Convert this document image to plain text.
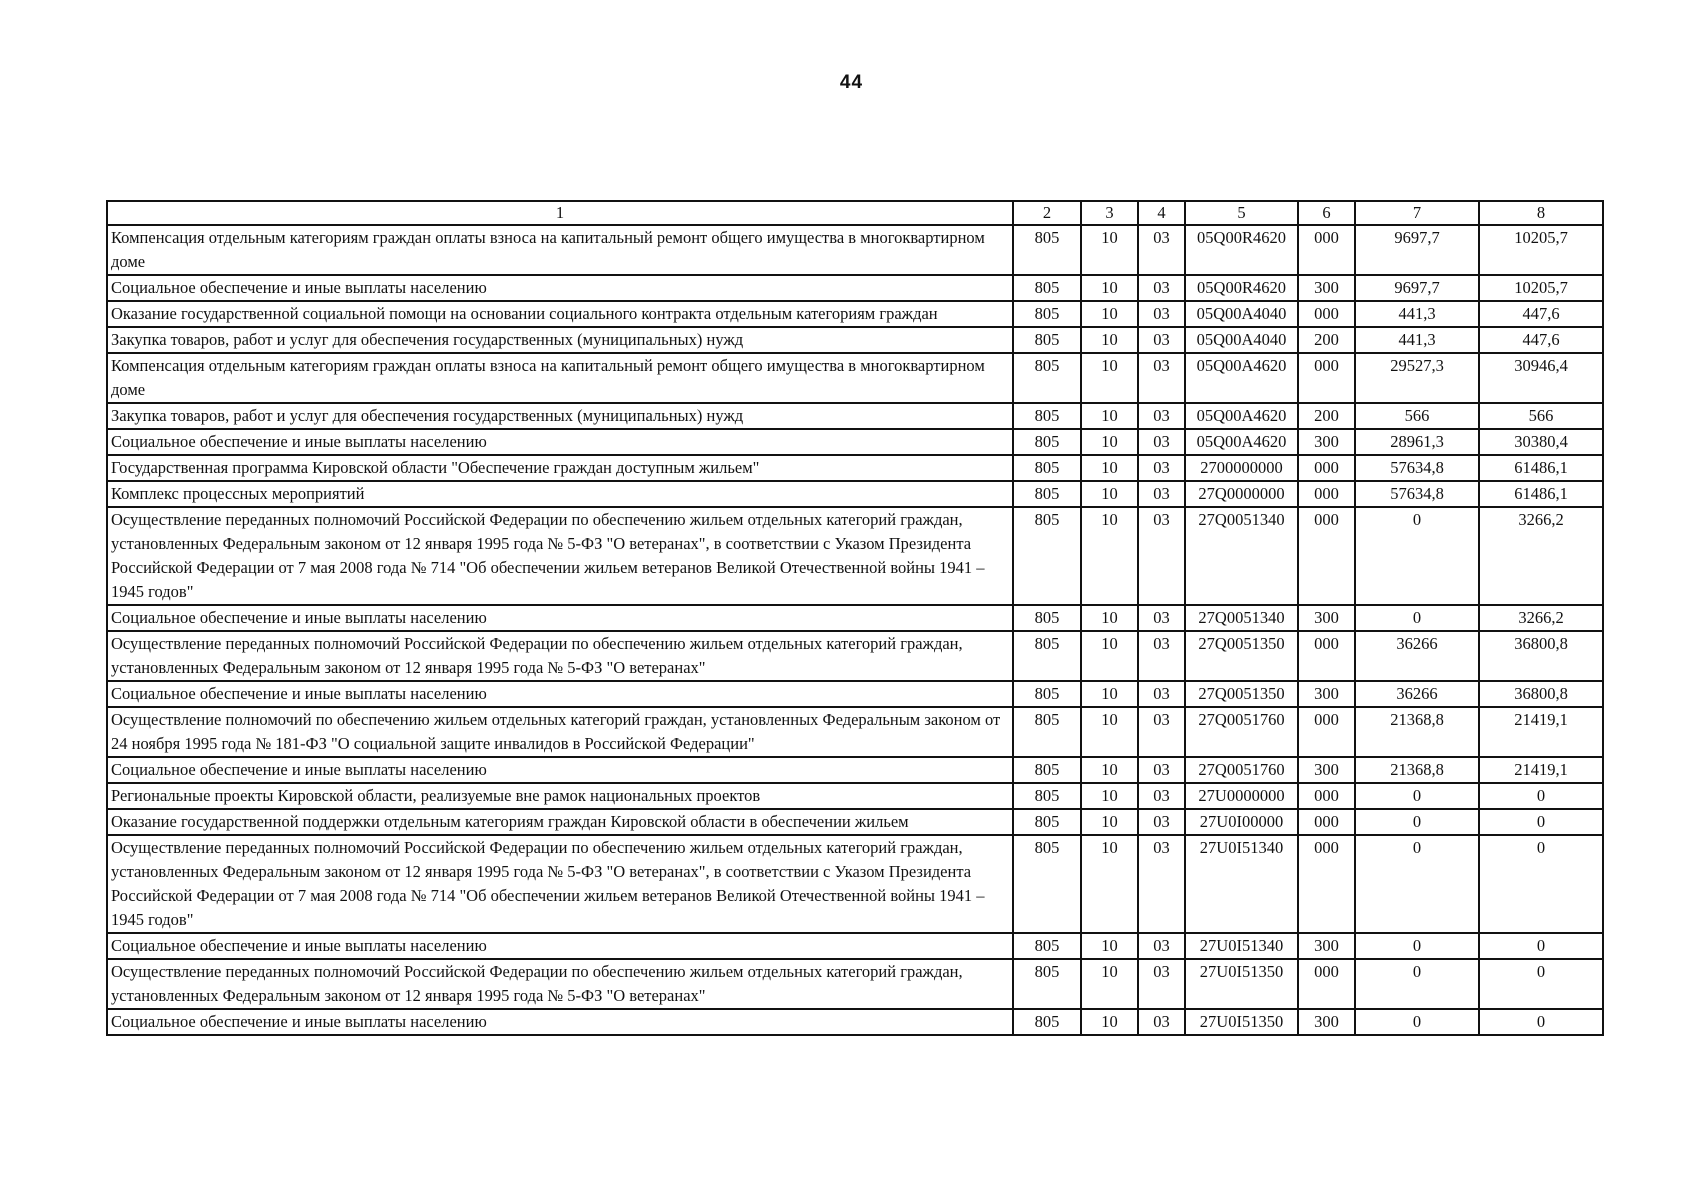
44
1	2	3	4	5	6	7	8
Компенсация отдельным категориям граждан оплаты взноса на капитальный ремонт общего имущества в многоквартирном доме	805	10	03	05Q00R4620	000	9697,7	10205,7
Социальное обеспечение и иные выплаты населению	805	10	03	05Q00R4620	300	9697,7	10205,7
Оказание государственной социальной помощи на основании социального контракта отдельным категориям граждан	805	10	03	05Q00A4040	000	441,3	447,6
Закупка товаров, работ и услуг для обеспечения государственных (муниципальных) нужд	805	10	03	05Q00A4040	200	441,3	447,6
Компенсация отдельным категориям граждан оплаты взноса на капитальный ремонт общего имущества в многоквартирном доме	805	10	03	05Q00A4620	000	29527,3	30946,4
Закупка товаров, работ и услуг для обеспечения государственных (муниципальных) нужд	805	10	03	05Q00A4620	200	566	566
Социальное обеспечение и иные выплаты населению	805	10	03	05Q00A4620	300	28961,3	30380,4
Государственная программа Кировской области "Обеспечение граждан доступным жильем"	805	10	03	2700000000	000	57634,8	61486,1
Комплекс процессных мероприятий	805	10	03	27Q0000000	000	57634,8	61486,1
Осуществление переданных полномочий Российской Федерации по обеспечению жильем отдельных категорий граждан, установленных Федеральным законом от 12 января 1995 года № 5-ФЗ "О ветеранах", в соответствии с Указом Президента Российской Федерации от 7 мая 2008 года № 714 "Об обеспечении жильем ветеранов Великой Отечественной войны 1941 – 1945 годов"	805	10	03	27Q0051340	000	0	3266,2
Социальное обеспечение и иные выплаты населению	805	10	03	27Q0051340	300	0	3266,2
Осуществление переданных полномочий Российской Федерации по обеспечению жильем отдельных категорий граждан, установленных Федеральным законом от 12 января 1995 года № 5-ФЗ "О ветеранах"	805	10	03	27Q0051350	000	36266	36800,8
Социальное обеспечение и иные выплаты населению	805	10	03	27Q0051350	300	36266	36800,8
Осуществление полномочий по обеспечению жильем отдельных категорий граждан, установленных Федеральным законом от 24 ноября 1995 года № 181-ФЗ "О социальной защите инвалидов в Российской Федерации"	805	10	03	27Q0051760	000	21368,8	21419,1
Социальное обеспечение и иные выплаты населению	805	10	03	27Q0051760	300	21368,8	21419,1
Региональные проекты Кировской области, реализуемые вне рамок национальных проектов	805	10	03	27U0000000	000	0	0
Оказание государственной поддержки отдельным категориям граждан Кировской области в обеспечении жильем	805	10	03	27U0I00000	000	0	0
Осуществление переданных полномочий Российской Федерации по обеспечению жильем отдельных категорий граждан, установленных Федеральным законом от 12 января 1995 года № 5-ФЗ "О ветеранах", в соответствии с Указом Президента Российской Федерации от 7 мая 2008 года № 714 "Об обеспечении жильем ветеранов Великой Отечественной войны 1941 – 1945 годов"	805	10	03	27U0I51340	000	0	0
Социальное обеспечение и иные выплаты населению	805	10	03	27U0I51340	300	0	0
Осуществление переданных полномочий Российской Федерации по обеспечению жильем отдельных категорий граждан, установленных Федеральным законом от 12 января 1995 года № 5-ФЗ "О ветеранах"	805	10	03	27U0I51350	000	0	0
Социальное обеспечение и иные выплаты населению	805	10	03	27U0I51350	300	0	0
